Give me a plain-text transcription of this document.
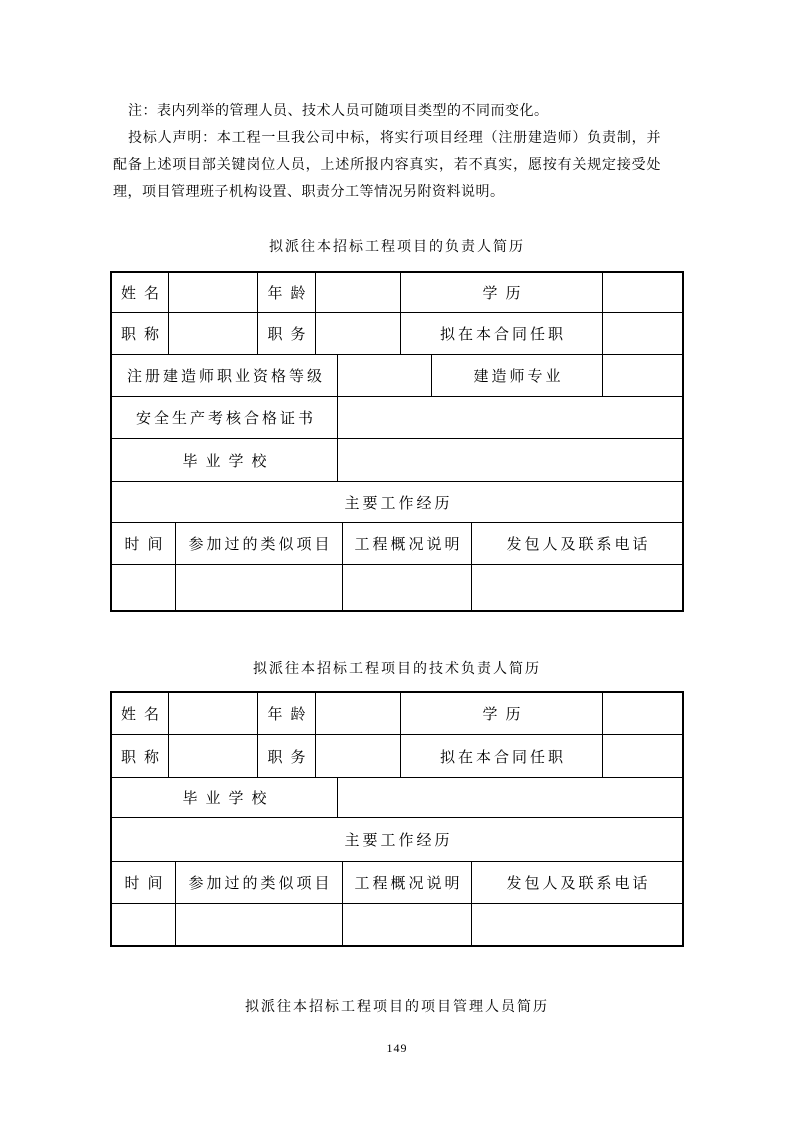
注：表内列举的管理人员、技术人员可随项目类型的不同而变化。

投标人声明：本工程一旦我公司中标，将实行项目经理（注册建造师）负责制，并配备上述项目部关键岗位人员，上述所报内容真实，若不真实，愿按有关规定接受处理，项目管理班子机构设置、职责分工等情况另附资料说明。

拟派往本招标工程项目的负责人简历
姓名	年龄	学历
职称	职务	拟在本合同任职
注册建造师职业资格等级	建造师专业
安全生产考核合格证书
毕业学校
主要工作经历
时间	参加过的类似项目	工程概况说明	发包人及联系电话
拟派往本招标工程项目的技术负责人简历
姓名	年龄	学历
职称	职务	拟在本合同任职
毕业学校
主要工作经历
时间	参加过的类似项目	工程概况说明	发包人及联系电话
拟派往本招标工程项目的项目管理人员简历
149
